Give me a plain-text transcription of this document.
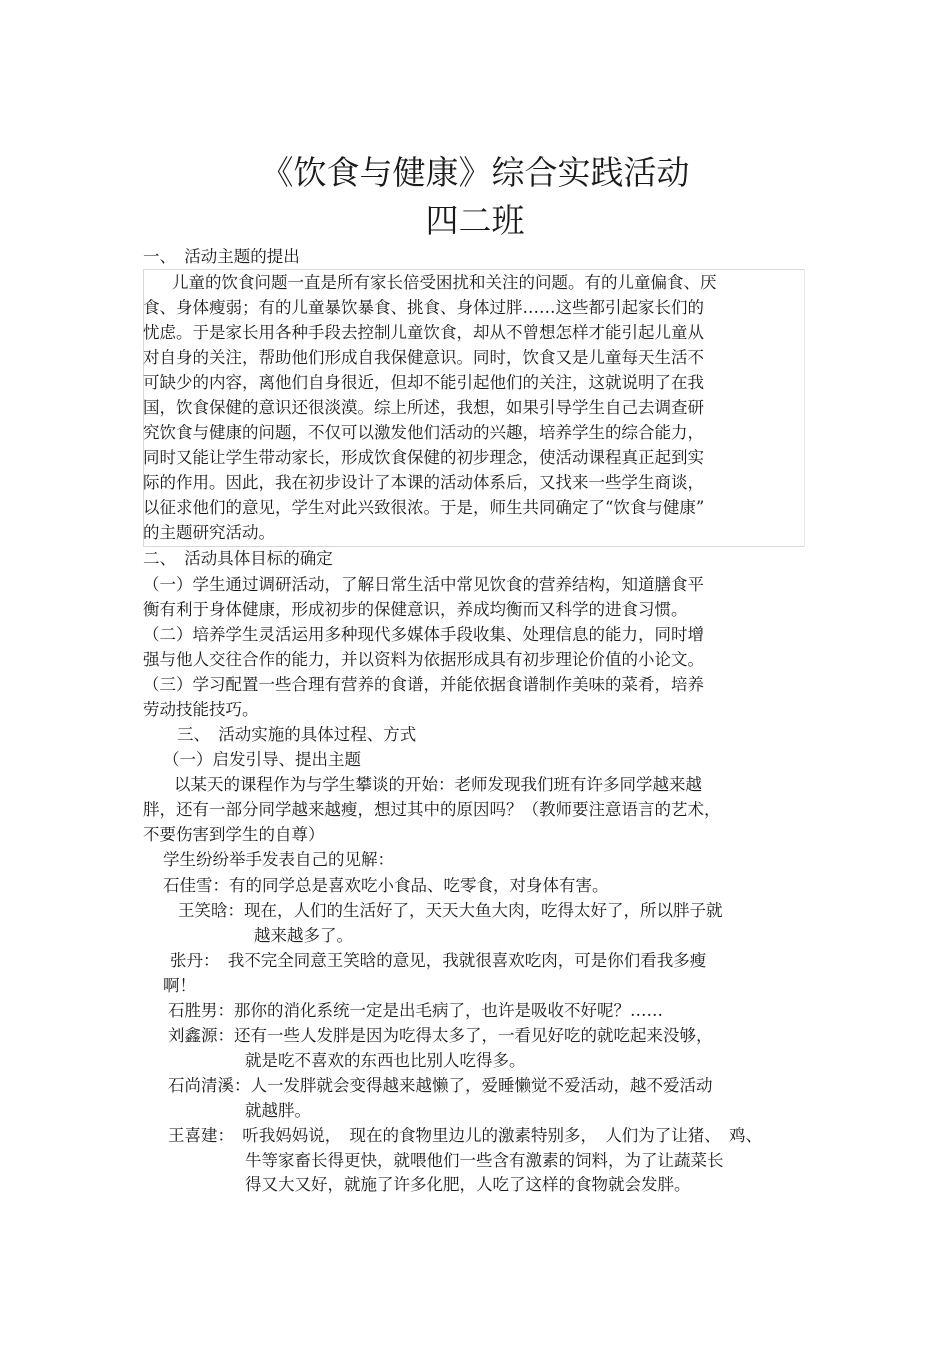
《饮食与健康》综合实践活动
四二班
一、　活动主题的提出
儿童的饮食问题一直是所有家长倍受困扰和关注的问题。有的儿童偏食、厌
食、身体瘦弱；有的儿童暴饮暴食、挑食、身体过胖……这些都引起家长们的
忧虑。于是家长用各种手段去控制儿童饮食，却从不曾想怎样才能引起儿童从
对自身的关注，帮助他们形成自我保健意识。同时，饮食又是儿童每天生活不
可缺少的内容，离他们自身很近，但却不能引起他们的关注，这就说明了在我
国，饮食保健的意识还很淡漠。综上所述，我想，如果引导学生自己去调查研
究饮食与健康的问题，不仅可以激发他们活动的兴趣，培养学生的综合能力，
同时又能让学生带动家长，形成饮食保健的初步理念，使活动课程真正起到实
际的作用。因此，我在初步设计了本课的活动体系后，又找来一些学生商谈，
以征求他们的意见，学生对此兴致很浓。于是，师生共同确定了“饮食与健康”
的主题研究活动。
二、　活动具体目标的确定
（一）学生通过调研活动，了解日常生活中常见饮食的营养结构，知道膳食平
衡有利于身体健康，形成初步的保健意识，养成均衡而又科学的进食习惯。
（二）培养学生灵活运用多种现代多媒体手段收集、处理信息的能力，同时增
强与他人交往合作的能力，并以资料为依据形成具有初步理论价值的小论文。
（三）学习配置一些合理有营养的食谱，并能依据食谱制作美味的菜肴，培养
劳动技能技巧。
三、　活动实施的具体过程、方式
（一）启发引导、提出主题
以某天的课程作为与学生攀谈的开始：老师发现我们班有许多同学越来越
胖，还有一部分同学越来越瘦，想过其中的原因吗？（教师要注意语言的艺术，
不要伤害到学生的自尊）
学生纷纷举手发表自己的见解：
石佳雪：有的同学总是喜欢吃小食品、吃零食，对身体有害。
王笑晗：现在，人们的生活好了，天天大鱼大肉，吃得太好了，所以胖子就
越来越多了。
张丹：　我不完全同意王笑晗的意见，我就很喜欢吃肉，可是你们看我多瘦
啊！
石胜男：那你的消化系统一定是出毛病了，也许是吸收不好呢？……
刘鑫源：还有一些人发胖是因为吃得太多了，一看见好吃的就吃起来没够，
就是吃不喜欢的东西也比别人吃得多。
石尚清溪：人一发胖就会变得越来越懒了，爱睡懒觉不爱活动，越不爱活动
就越胖。
王喜建：　听我妈妈说，　现在的食物里边儿的激素特别多，　人们为了让猪、　鸡、
牛等家畜长得更快，就喂他们一些含有激素的饲料，为了让蔬菜长
得又大又好，就施了许多化肥，人吃了这样的食物就会发胖。
